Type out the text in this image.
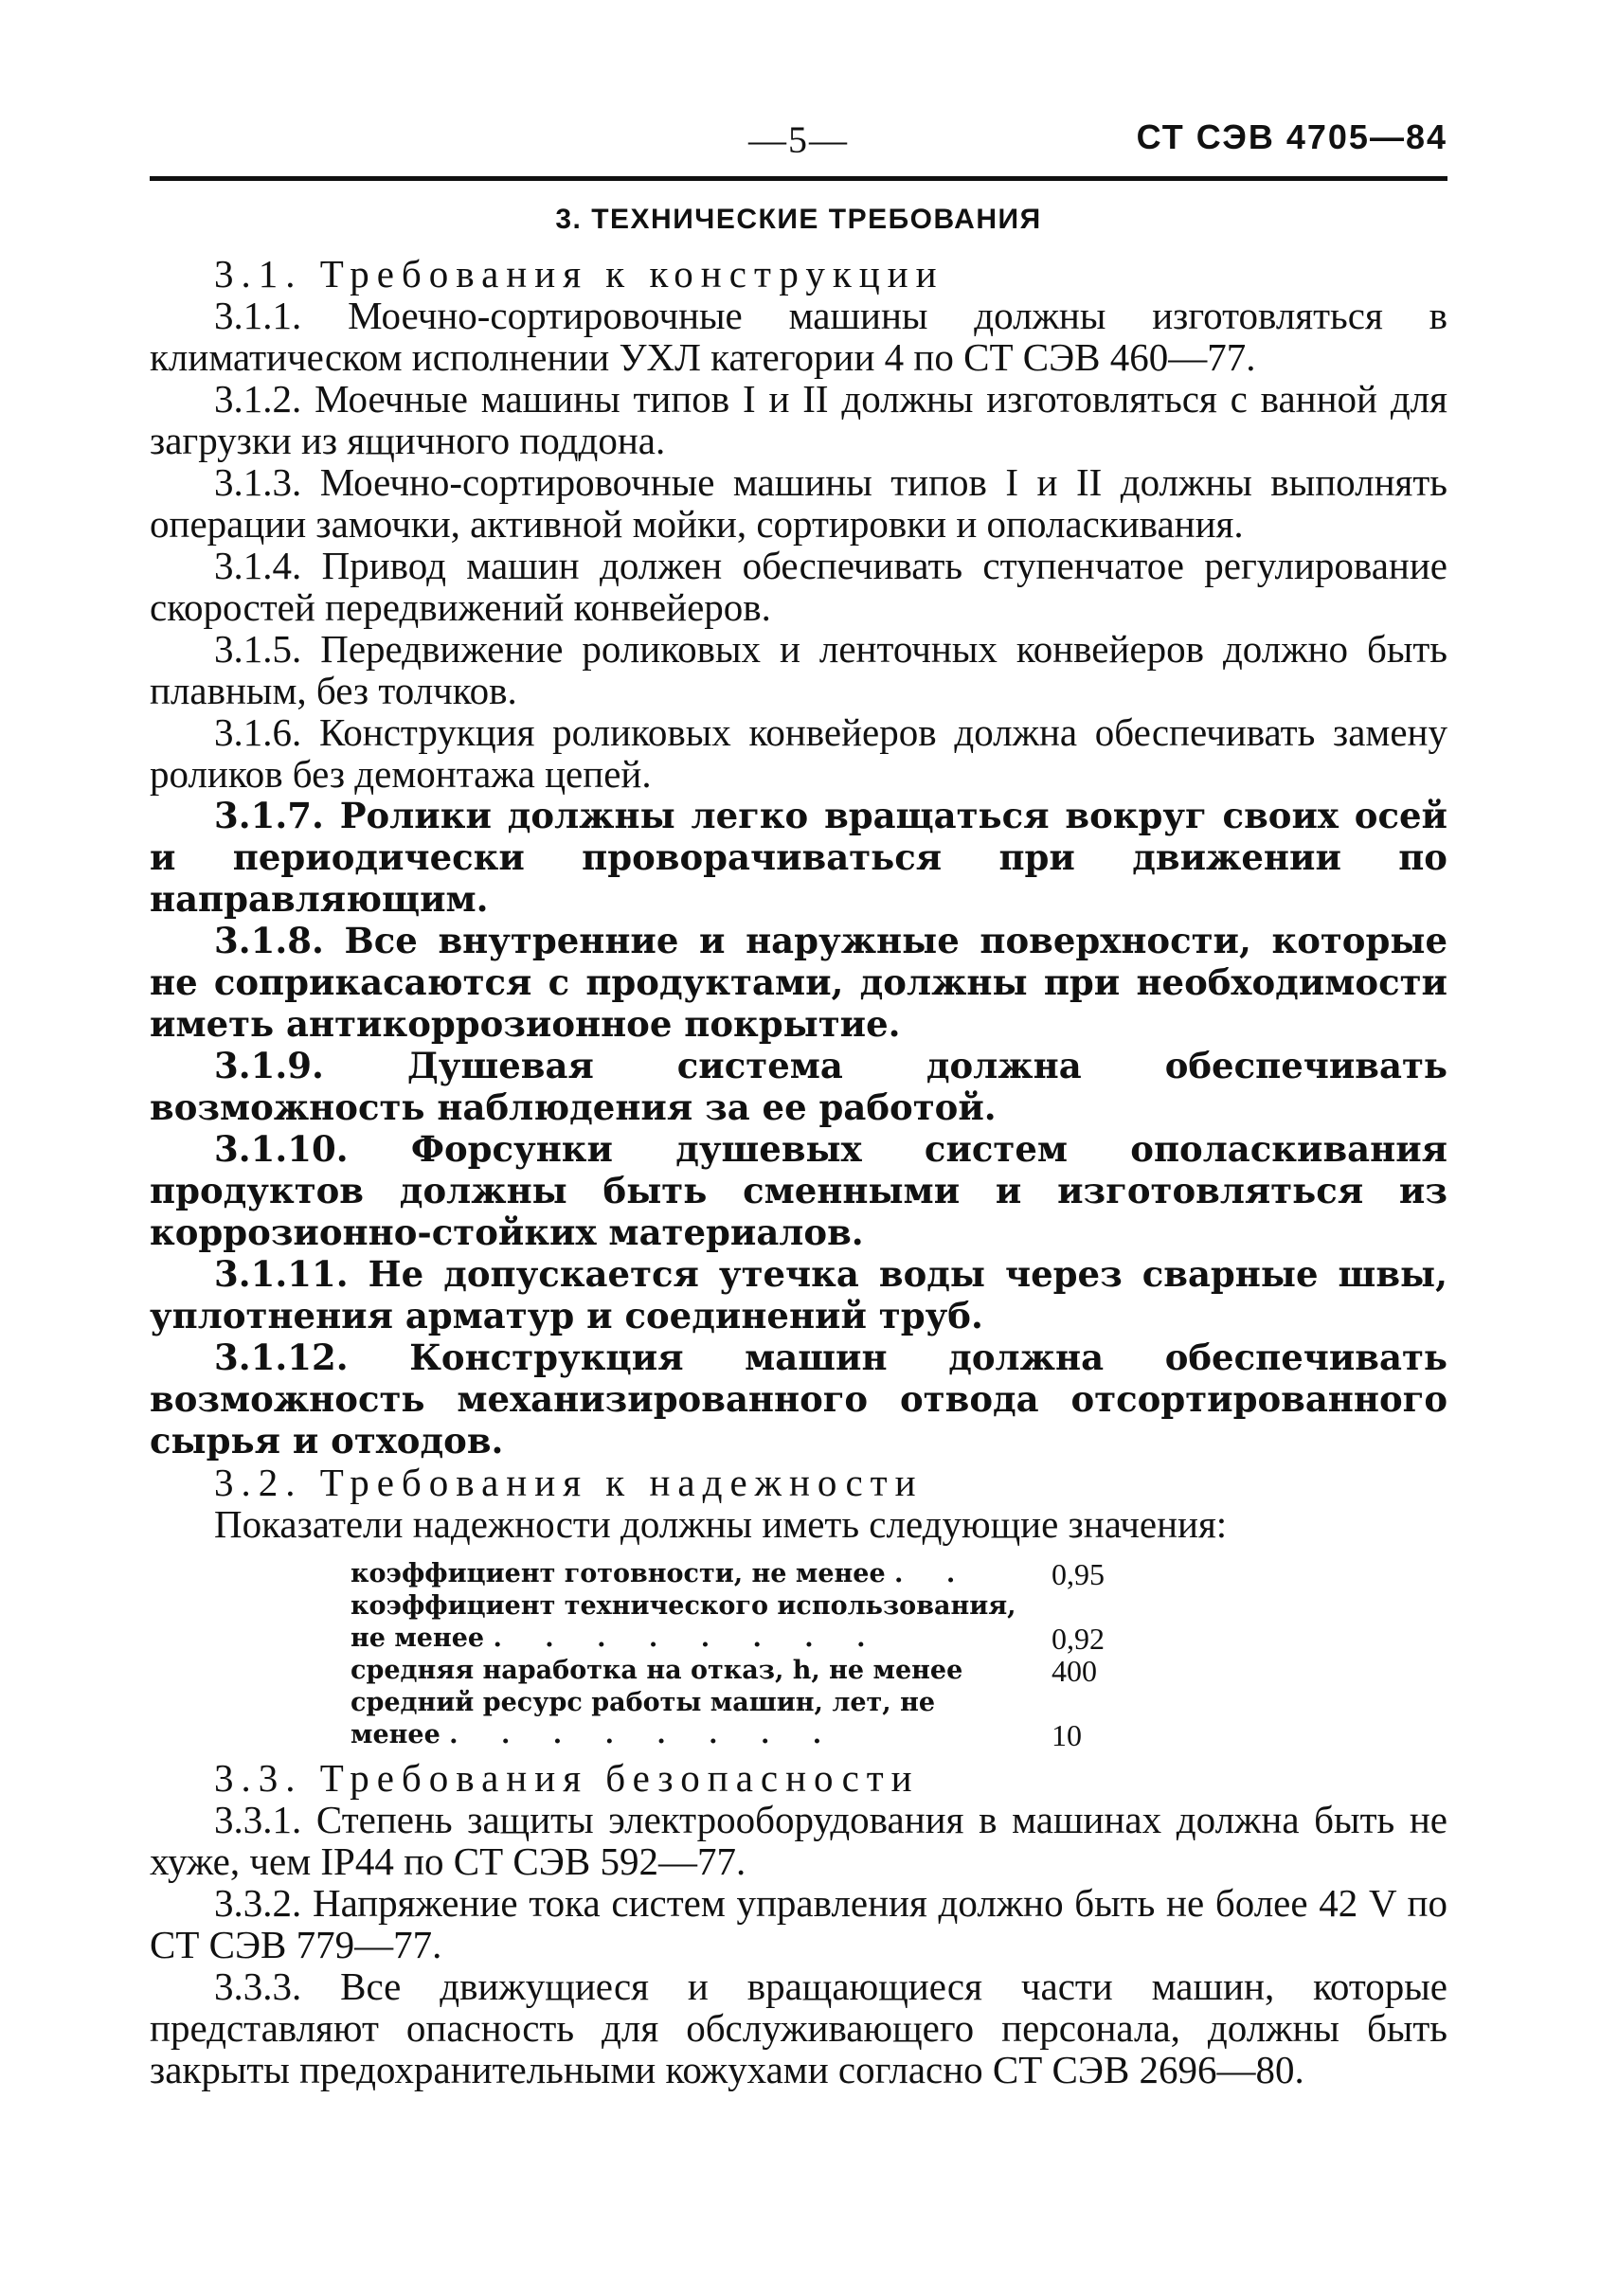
—5—	СТ СЭВ 4705—84
3. ТЕХНИЧЕСКИЕ ТРЕБОВАНИЯ

3.1. Требования к конструкции

3.1.1. Моечно-сортировочные машины должны изготовляться в климатическом исполнении УХЛ категории 4 по СТ СЭВ 460—77.

3.1.2. Моечные машины типов I и II должны изготовляться с ванной для загрузки из ящичного поддона.

3.1.3. Моечно-сортировочные машины типов I и II должны выполнять операции замочки, активной мойки, сортировки и ополаскивания.

3.1.4. Привод машин должен обеспечивать ступенчатое регулирование скоростей передвижений конвейеров.

3.1.5. Передвижение роликовых и ленточных конвейеров должно быть плавным, без толчков.

3.1.6. Конструкция роликовых конвейеров должна обеспечивать замену роликов без демонтажа цепей.

3.1.7. Ролики должны легко вращаться вокруг своих осей и периодически проворачиваться при движении по направляющим.

3.1.8. Все внутренние и наружные поверхности, которые не соприкасаются с продуктами, должны при необходимости иметь антикоррозионное покрытие.

3.1.9. Душевая система должна обеспечивать возможность наблюдения за ее работой.

3.1.10. Форсунки душевых систем ополаскивания продуктов должны быть сменными и изготовляться из коррозионно-стойких материалов.

3.1.11. Не допускается утечка воды через сварные швы, уплотнения арматур и соединений труб.

3.1.12. Конструкция машин должна обеспечивать возможность механизированного отвода отсортированного сырья и отходов.

3.2. Требования к надежности

Показатели надежности должны иметь следующие значения:

коэффициент готовности, не менее . .	0,95
коэффициент технического использования,
не менее . . . . . . . .	0,92
средняя наработка на отказ, h, не менее	400
средний ресурс работы машин, лет, не
менее . . . . . . . .	10

3.3. Требования безопасности

3.3.1. Степень защиты электрооборудования в машинах должна быть не хуже, чем IP44 по СТ СЭВ 592—77.

3.3.2. Напряжение тока систем управления должно быть не более 42 V по СТ СЭВ 779—77.

3.3.3. Все движущиеся и вращающиеся части машин, которые представляют опасность для обслуживающего персонала, должны быть закрыты предохранительными кожухами согласно СТ СЭВ 2696—80.
